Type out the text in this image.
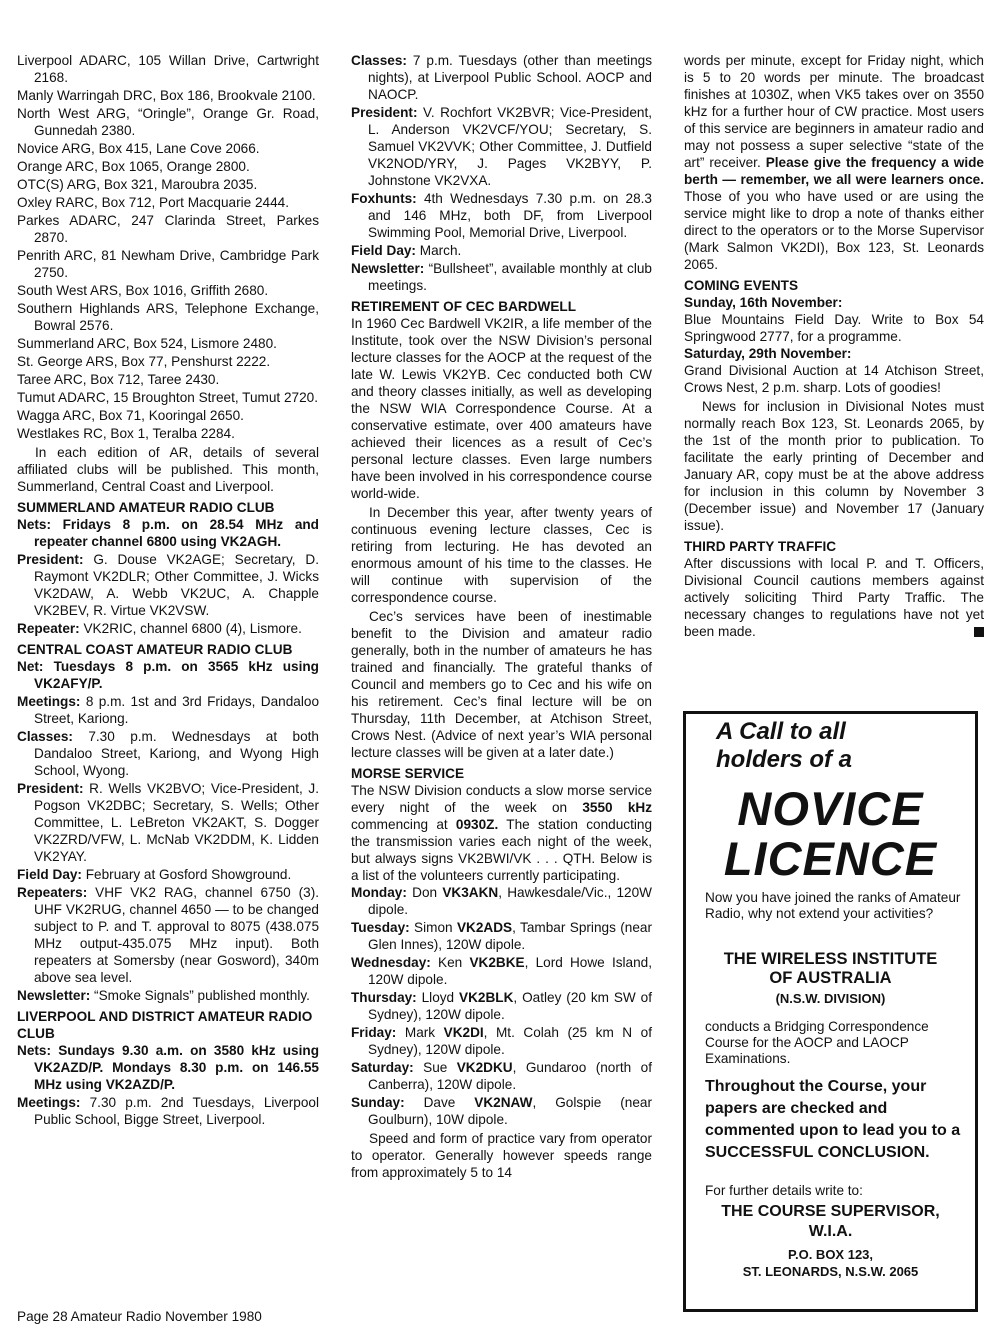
Liverpool ADARC, 105 Willan Drive, Cartwright 2168.

Manly Warringah DRC, Box 186, Brookvale 2100.

North West ARG, “Oringle”, Orange Gr. Road, Gunnedah 2380.

Novice ARG, Box 415, Lane Cove 2066.

Orange ARC, Box 1065, Orange 2800.

OTC(S) ARG, Box 321, Maroubra 2035.

Oxley RARC, Box 712, Port Macquarie 2444.

Parkes ADARC, 247 Clarinda Street, Parkes 2870.

Penrith ARC, 81 Newham Drive, Cambridge Park 2750.

South West ARS, Box 1016, Griffith 2680.

Southern Highlands ARS, Telephone Exchange, Bowral 2576.

Summerland ARC, Box 524, Lismore 2480.

St. George ARS, Box 77, Penshurst 2222.

Taree ARC, Box 712, Taree 2430.

Tumut ADARC, 15 Broughton Street, Tumut 2720.

Wagga ARC, Box 71, Kooringal 2650.

Westlakes RC, Box 1, Teralba 2284.

In each edition of AR, details of several affiliated clubs will be published. This month, Summerland, Central Coast and Liverpool.

SUMMERLAND AMATEUR RADIO CLUB

Nets: Fridays 8 p.m. on 28.54 MHz and repeater channel 6800 using VK2AGH.

President: G. Douse VK2AGE; Secretary, D. Raymont VK2DLR; Other Committee, J. Wicks VK2DAW, A. Webb VK2UC, A. Chapple VK2BEV, R. Virtue VK2VSW.

Repeater: VK2RIC, channel 6800 (4), Lismore.

CENTRAL COAST AMATEUR RADIO CLUB

Net: Tuesdays 8 p.m. on 3565 kHz using VK2AFY/P.

Meetings: 8 p.m. 1st and 3rd Fridays, Dandaloo Street, Kariong.

Classes: 7.30 p.m. Wednesdays at both Dandaloo Street, Kariong, and Wyong High School, Wyong.

President: R. Wells VK2BVO; Vice-President, J. Pogson VK2DBC; Secretary, S. Wells; Other Committee, L. LeBreton VK2AKT, S. Dogger VK2ZRD/VFW, L. McNab VK2DDM, K. Lidden VK2YAY.

Field Day: February at Gosford Showground.

Repeaters: VHF VK2 RAG, channel 6750 (3). UHF VK2RUG, channel 4650 — to be changed subject to P. and T. approval to 8075 (438.075 MHz output-435.075 MHz input). Both repeaters at Somersby (near Gosword), 340m above sea level.

Newsletter: “Smoke Signals” published monthly.

LIVERPOOL AND DISTRICT AMATEUR RADIO CLUB

Nets: Sundays 9.30 a.m. on 3580 kHz using VK2AZD/P. Mondays 8.30 p.m. on 146.55 MHz using VK2AZD/P.

Meetings: 7.30 p.m. 2nd Tuesdays, Liverpool Public School, Bigge Street, Liverpool.

Classes: 7 p.m. Tuesdays (other than meetings nights), at Liverpool Public School. AOCP and NAOCP.

President: V. Rochfort VK2BVR; Vice-President, L. Anderson VK2VCF/YOU; Secretary, S. Samuel VK2VVK; Other Committee, J. Dutfield VK2NOD/YRY, J. Pages VK2BYY, P. Johnstone VK2VXA.

Foxhunts: 4th Wednesdays 7.30 p.m. on 28.3 and 146 MHz, both DF, from Liverpool Swimming Pool, Memorial Drive, Liverpool.

Field Day: March.

Newsletter: “Bullsheet”, available monthly at club meetings.

RETIREMENT OF CEC BARDWELL

In 1960 Cec Bardwell VK2IR, a life member of the Institute, took over the NSW Division’s personal lecture classes for the AOCP at the request of the late W. Lewis VK2YB. Cec conducted both CW and theory classes initially, as well as developing the NSW WIA Correspondence Course. At a conservative estimate, over 400 amateurs have achieved their licences as a result of Cec’s personal lecture classes. Even large numbers have been involved in his correspondence course world-wide.

In December this year, after twenty years of continuous evening lecture classes, Cec is retiring from lecturing. He has devoted an enormous amount of his time to the classes. He will continue with supervision of the correspondence course.

Cec’s services have been of inestimable benefit to the Division and amateur radio generally, both in the number of amateurs he has trained and financially. The grateful thanks of Council and members go to Cec and his wife on his retirement. Cec’s final lecture will be on Thursday, 11th December, at Atchison Street, Crows Nest. (Advice of next year’s WIA personal lecture classes will be given at a later date.)

MORSE SERVICE

The NSW Division conducts a slow morse service every night of the week on 3550 kHz commencing at 0930Z. The station conducting the transmission varies each night of the week, but always signs VK2BWI/VK . . . QTH. Below is a list of the volunteers currently participating.

Monday: Don VK3AKN, Hawkesdale/Vic., 120W dipole.

Tuesday: Simon VK2ADS, Tambar Springs (near Glen Innes), 120W dipole.

Wednesday: Ken VK2BKE, Lord Howe Island, 120W dipole.

Thursday: Lloyd VK2BLK, Oatley (20 km SW of Sydney), 120W dipole.

Friday: Mark VK2DI, Mt. Colah (25 km N of Sydney), 120W dipole.

Saturday: Sue VK2DKU, Gundaroo (north of Canberra), 120W dipole.

Sunday: Dave VK2NAW, Golspie (near Goulburn), 10W dipole.

Speed and form of practice vary from operator to operator. Generally however speeds range from approximately 5 to 14

words per minute, except for Friday night, which is 5 to 20 words per minute. The broadcast finishes at 1030Z, when VK5 takes over on 3550 kHz for a further hour of CW practice. Most users of this service are beginners in amateur radio and may not possess a super selective “state of the art” receiver. Please give the frequency a wide berth — remember, we all were learners once. Those of you who have used or are using the service might like to drop a note of thanks either direct to the operators or to the Morse Supervisor (Mark Salmon VK2DI), Box 123, St. Leonards 2065.

COMING EVENTS

Sunday, 16th November:

Blue Mountains Field Day. Write to Box 54 Springwood 2777, for a programme.

Saturday, 29th November:

Grand Divisional Auction at 14 Atchison Street, Crows Nest, 2 p.m. sharp. Lots of goodies!

News for inclusion in Divisional Notes must normally reach Box 123, St. Leonards 2065, by the 1st of the month prior to publication. To facilitate the early printing of December and January AR, copy must be at the above address for inclusion in this column by November 3 (December issue) and November 17 (January issue).

THIRD PARTY TRAFFIC

After discussions with local P. and T. Officers, Divisional Council cautions members against actively soliciting Third Party Traffic. The necessary changes to regulations have not yet been made.

A Call to all
holders of a
NOVICE
LICENCE
Now you have joined the ranks of Amateur Radio, why not extend your activities?
THE WIRELESS INSTITUTE
OF AUSTRALIA
(N.S.W. DIVISION)
conducts a Bridging Correspondence Course for the AOCP and LAOCP Examinations.
Throughout the Course, your papers are checked and commented upon to lead you to a SUCCESSFUL CONCLUSION.
For further details write to:
THE COURSE SUPERVISOR,
W.I.A.
P.O. BOX 123,
ST. LEONARDS, N.S.W. 2065
Page 28 Amateur Radio November 1980
